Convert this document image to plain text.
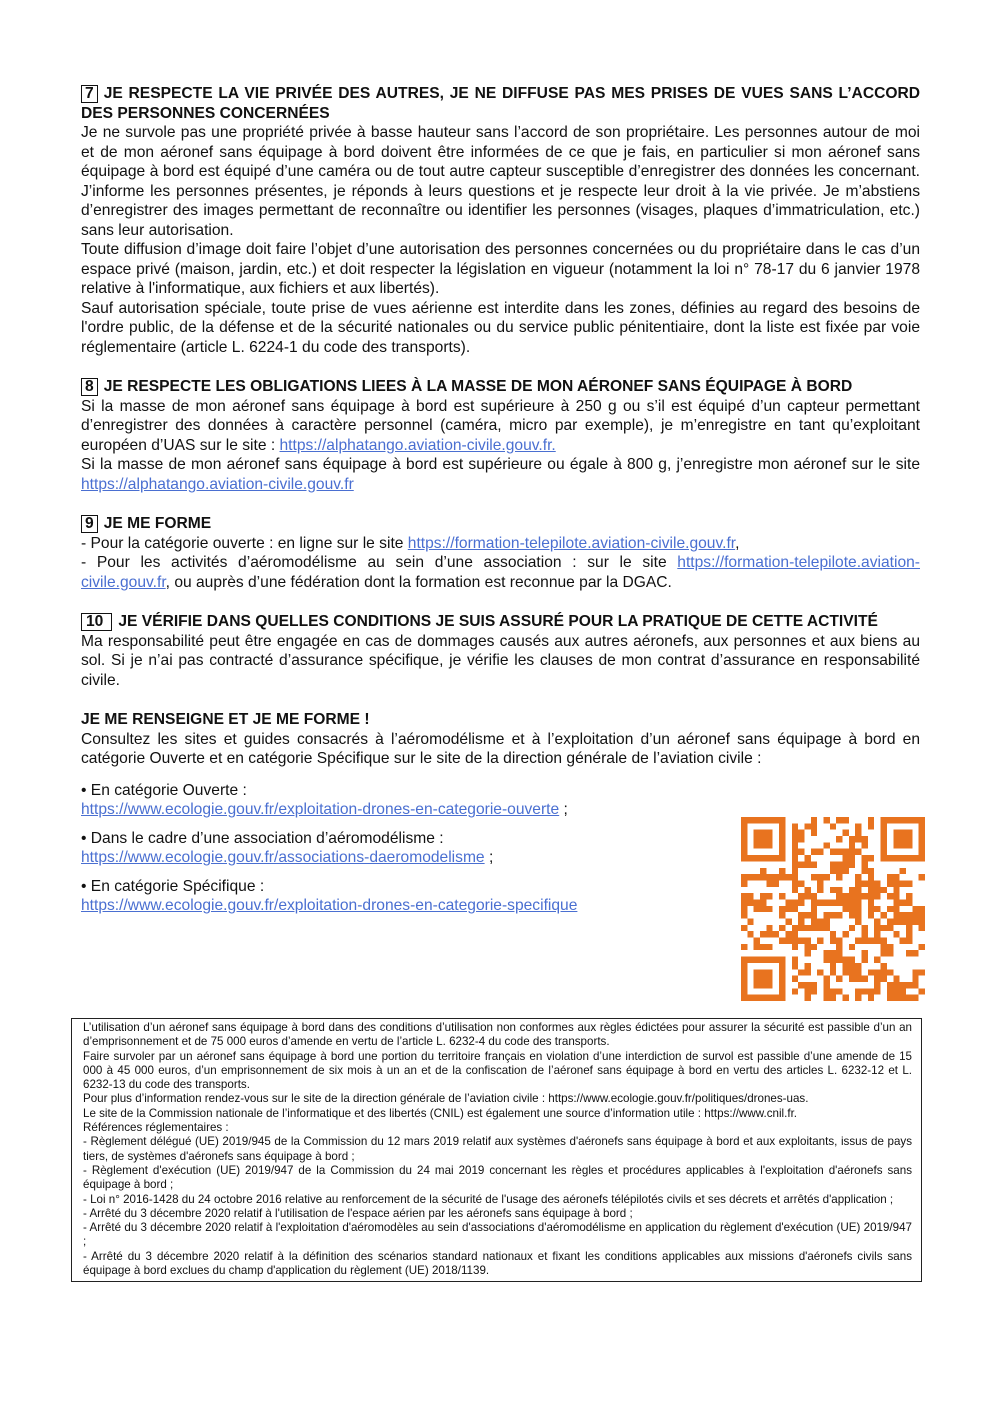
7 JE RESPECTE LA VIE PRIVÉE DES AUTRES, JE NE DIFFUSE PAS MES PRISES DE VUES SANS L’ACCORD DES PERSONNES CONCERNÉES

Je ne survole pas une propriété privée à basse hauteur sans l’accord de son propriétaire. Les personnes autour de moi et de mon aéronef sans équipage à bord doivent être informées de ce que je fais, en particulier si mon aéronef sans équipage à bord est équipé d’une caméra ou de tout autre capteur susceptible d’enregistrer des données les concernant. J’informe les personnes présentes, je réponds à leurs questions et je respecte leur droit à la vie privée. Je m’abstiens d’enregistrer des images permettant de reconnaître ou identifier les personnes (visages, plaques d’immatriculation, etc.) sans leur autorisation.

Toute diffusion d’image doit faire l’objet d’une autorisation des personnes concernées ou du propriétaire dans le cas d’un espace privé (maison, jardin, etc.) et doit respecter la législation en vigueur (notamment la loi n° 78-17 du 6 janvier 1978 relative à l'informatique, aux fichiers et aux libertés).

Sauf autorisation spéciale, toute prise de vues aérienne est interdite dans les zones, définies au regard des besoins de l'ordre public, de la défense et de la sécurité nationales ou du service public pénitentiaire, dont la liste est fixée par voie réglementaire (article L. 6224-1 du code des transports).

8 JE RESPECTE LES OBLIGATIONS LIEES À LA MASSE DE MON AÉRONEF SANS ÉQUIPAGE À BORD

Si la masse de mon aéronef sans équipage à bord est supérieure à 250 g ou s’il est équipé d’un capteur permettant d’enregistrer des données à caractère personnel (caméra, micro par exemple), je m’enregistre en tant qu’exploitant européen d’UAS sur le site : https://alphatango.aviation-civile.gouv.fr.

Si la masse de mon aéronef sans équipage à bord est supérieure ou égale à 800 g, j’enregistre mon aéronef sur le site https://alphatango.aviation-civile.gouv.fr

9 JE ME FORME

- Pour la catégorie ouverte : en ligne sur le site https://formation-telepilote.aviation-civile.gouv.fr,

- Pour les activités d’aéromodélisme au sein d’une association : sur le site https://formation-telepilote.aviation-civile.gouv.fr, ou auprès d’une fédération dont la formation est reconnue par la DGAC.

10 JE VÉRIFIE DANS QUELLES CONDITIONS JE SUIS ASSURÉ POUR LA PRATIQUE DE CETTE ACTIVITÉ

Ma responsabilité peut être engagée en cas de dommages causés aux autres aéronefs, aux personnes et aux biens au sol. Si je n’ai pas contracté d’assurance spécifique, je vérifie les clauses de mon contrat d’assurance en responsabilité civile.

JE ME RENSEIGNE ET JE ME FORME !

Consultez les sites et guides consacrés à l’aéromodélisme et à l’exploitation d’un aéronef sans équipage à bord en catégorie Ouverte et en catégorie Spécifique sur le site de la direction générale de l’aviation civile :

• En catégorie Ouverte :
https://www.ecologie.gouv.fr/exploitation-drones-en-categorie-ouverte ;
• Dans le cadre d’une association d’aéromodélisme :
https://www.ecologie.gouv.fr/associations-daeromodelisme ;
• En catégorie Spécifique :
https://www.ecologie.gouv.fr/exploitation-drones-en-categorie-specifique

L’utilisation d’un aéronef sans équipage à bord dans des conditions d’utilisation non conformes aux règles édictées pour assurer la sécurité est passible d’un an d’emprisonnement et de 75 000 euros d’amende en vertu de l’article L. 6232-4 du code des transports.

Faire survoler par un aéronef sans équipage à bord une portion du territoire français en violation d’une interdiction de survol est passible d’une amende de 15 000 à 45 000 euros, d’un emprisonnement de six mois à un an et de la confiscation de l’aéronef sans équipage à bord en vertu des articles L. 6232-12 et L. 6232-13 du code des transports.

Pour plus d’information rendez-vous sur le site de la direction générale de l’aviation civile : https://www.ecologie.gouv.fr/politiques/drones-uas.

Le site de la Commission nationale de l’informatique et des libertés (CNIL) est également une source d’information utile : https://www.cnil.fr.

Références réglementaires :

- Règlement délégué (UE) 2019/945 de la Commission du 12 mars 2019 relatif aux systèmes d'aéronefs sans équipage à bord et aux exploitants, issus de pays tiers, de systèmes d'aéronefs sans équipage à bord ;

- Règlement d'exécution (UE) 2019/947 de la Commission du 24 mai 2019 concernant les règles et procédures applicables à l'exploitation d'aéronefs sans équipage à bord ;

- Loi n° 2016-1428 du 24 octobre 2016 relative au renforcement de la sécurité de l'usage des aéronefs télépilotés civils et ses décrets et arrêtés d'application ;

- Arrêté du 3 décembre 2020 relatif à l'utilisation de l'espace aérien par les aéronefs sans équipage à bord ;

- Arrêté du 3 décembre 2020 relatif à l'exploitation d'aéromodèles au sein d'associations d'aéromodélisme en application du règlement d'exécution (UE) 2019/947 ;

- Arrêté du 3 décembre 2020 relatif à la définition des scénarios standard nationaux et fixant les conditions applicables aux missions d'aéronefs civils sans équipage à bord exclues du champ d'application du règlement (UE) 2018/1139.
